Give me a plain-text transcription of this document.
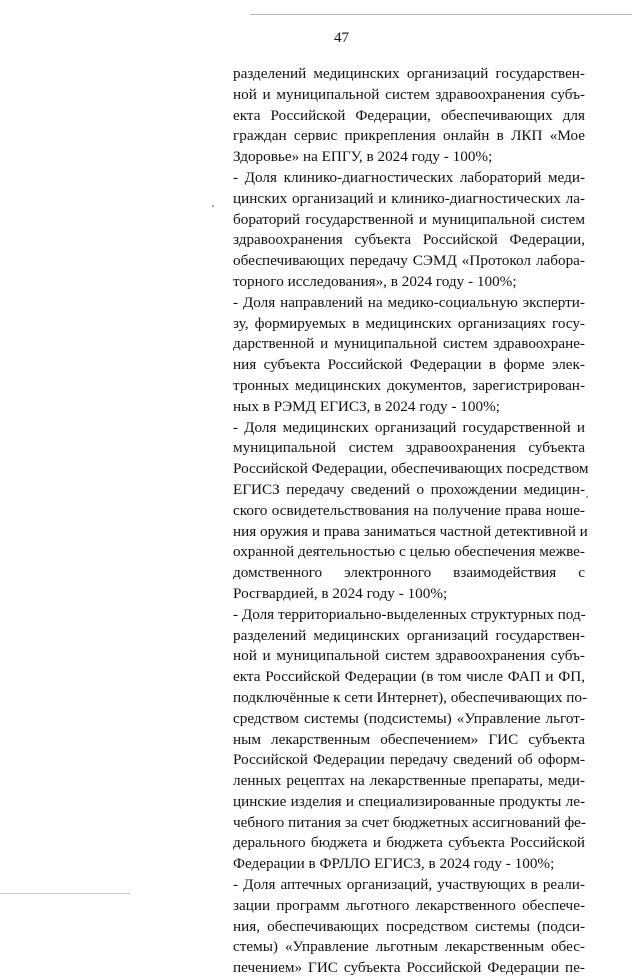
47
разделений медицинских организаций государствен-
ной и муниципальной систем здравоохранения субъ-
екта Российской Федерации, обеспечивающих для
граждан сервис прикрепления онлайн в ЛКП «Мое
Здоровье» на ЕПГУ, в 2024 году - 100%;
- Доля клинико-диагностических лабораторий меди-
цинских организаций и клинико-диагностических ла-
бораторий государственной и муниципальной систем
здравоохранения субъекта Российской Федерации,
обеспечивающих передачу СЭМД «Протокол лабора-
торного исследования», в 2024 году - 100%;
- Доля направлений на медико-социальную эксперти-
зу, формируемых в медицинских организациях госу-
дарственной и муниципальной систем здравоохране-
ния субъекта Российской Федерации в форме элек-
тронных медицинских документов, зарегистрирован-
ных в РЭМД ЕГИСЗ, в 2024 году - 100%;
- Доля медицинских организаций государственной и
муниципальной систем здравоохранения субъекта
Российской Федерации, обеспечивающих посредством
ЕГИСЗ передачу сведений о прохождении медицин-
ского освидетельствования на получение права ноше-
ния оружия и права заниматься частной детективной и
охранной деятельностью с целью обеспечения межве-
домственного электронного взаимодействия с
Росгвардией, в 2024 году - 100%;
- Доля территориально-выделенных структурных под-
разделений медицинских организаций государствен-
ной и муниципальной систем здравоохранения субъ-
екта Российской Федерации (в том числе ФАП и ФП,
подключённые к сети Интернет), обеспечивающих по-
средством системы (подсистемы) «Управление льгот-
ным лекарственным обеспечением» ГИС субъекта
Российской Федерации передачу сведений об оформ-
ленных рецептах на лекарственные препараты, меди-
цинские изделия и специализированные продукты ле-
чебного питания за счет бюджетных ассигнований фе-
дерального бюджета и бюджета субъекта Российской
Федерации в ФРЛЛО ЕГИСЗ, в 2024 году - 100%;
- Доля аптечных организаций, участвующих в реали-
зации программ льготного лекарственного обеспече-
ния, обеспечивающих посредством системы (подси-
стемы) «Управление льготным лекарственным обес-
печением» ГИС субъекта Российской Федерации пе-
